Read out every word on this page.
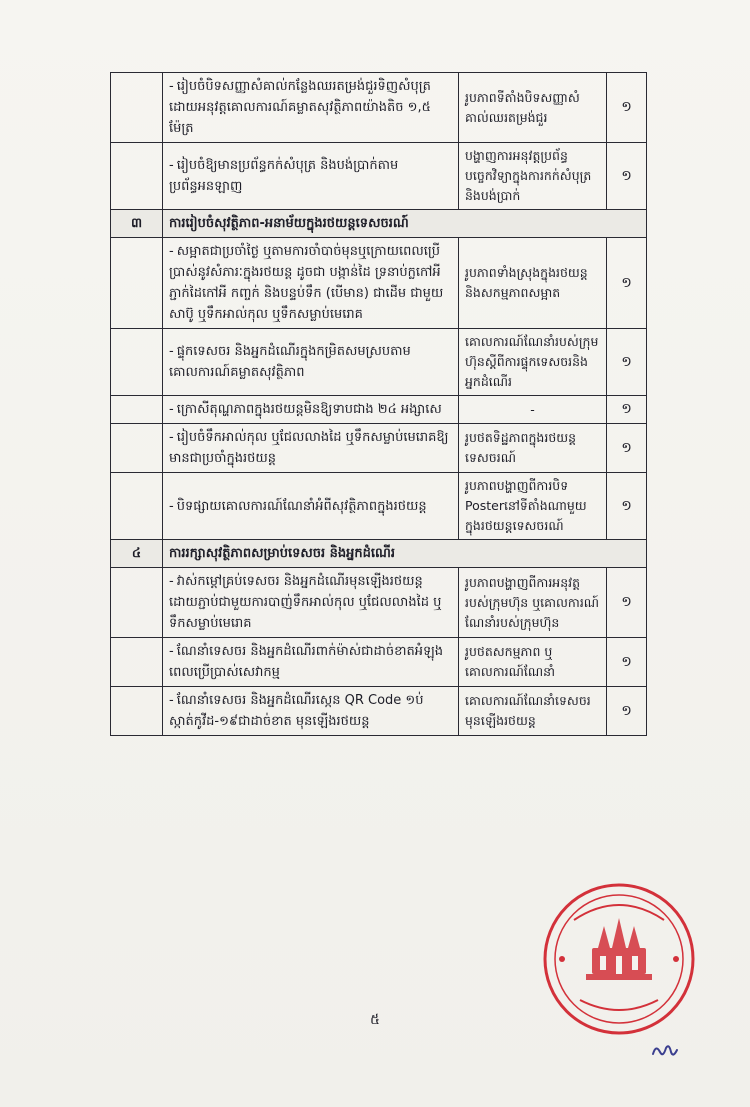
	- រៀបចំបិទសញ្ញាសំគាល់កន្លែងឈរតម្រង់ជួរទិញសំបុត្រ ដោយអនុវត្តគោលការណ៍គម្លាតសុវត្ថិភាពយ៉ាងតិច ១,៥ ម៉ែត្រ	រូបភាពទីតាំងបិទសញ្ញាសំគាល់ឈរតម្រង់ជួរ	១
	- រៀបចំឱ្យមានប្រព័ន្ធកក់សំបុត្រ និងបង់ប្រាក់តាមប្រព័ន្ធអនឡាញ	បង្ហាញការអនុវត្តប្រព័ន្ធបច្ចេកវិទ្យាក្នុងការកក់សំបុត្រ និងបង់ប្រាក់	១
៣	ការរៀបចំសុវត្ថិភាព-អនាម័យក្នុងរថយន្តទេសចរណ៍		
	- សម្អាតជាប្រចាំថ្ងៃ ឬតាមការចាំបាច់មុនឬក្រោយពេលប្រើប្រាស់នូវសំភារៈក្នុងរថយន្ត ដូចជា បង្កាន់ដៃ ទ្រនាប់ក្លកៅអី ភ្ជាក់ដៃកៅអី កញ្ចក់ និងបន្ទប់ទឹក (បើមាន) ជាដើម ជាមួយសាប៊ូ ឬទឹកអាល់កុល ឬទឹកសម្លាប់មេរោគ	រូបភាពទាំងស្រុងក្នុងរថយន្ត និងសកម្មភាពសម្អាត	១
	- ផ្ទុកទេសចរ និងអ្នកដំណើរក្នុងកម្រិតសមស្របតាមគោលការណ៍គម្លាតសុវត្ថិភាព	គោលការណ៍ណែនាំរបស់ក្រុមហ៊ុនស្ដីពីការផ្ទុកទេសចរនិងអ្នកដំណើរ	១
	- ក្រោសីតុណ្ហភាពក្នុងរថយន្តមិនឱ្យទាបជាង ២៤ អង្សាសេ	-	១
	- រៀបចំទឹកអាល់កុល ឬជែលលាងដៃ ឬទឹកសម្លាប់មេរោគឱ្យមានជាប្រចាំក្នុងរថយន្ត	រូបថតទិដ្ឋភាពក្នុងរថយន្តទេសចរណ៍	១
	- បិទផ្សាយគោលការណ៍ណែនាំអំពីសុវត្ថិភាពក្នុងរថយន្ត	រូបភាពបង្ហាញពីការបិទ Posterនៅទីតាំងណាមួយក្នុងរថយន្តទេសចរណ៍	១
៤	ការរក្សាសុវត្ថិភាពសម្រាប់ទេសចរ និងអ្នកដំណើរ		
	- វាស់កម្ដៅគ្រប់ទេសចរ និងអ្នកដំណើរមុនឡើងរថយន្ត ដោយភ្ជាប់ជាមួយការបាញ់ទឹកអាល់កុល ឬជែលលាងដៃ ឬទឹកសម្លាប់មេរោគ	រូបភាពបង្ហាញពីការអនុវត្តរបស់ក្រុមហ៊ុន ឬគោលការណ៍ណែនាំរបស់ក្រុមហ៊ុន	១
	- ណែនាំទេសចរ និងអ្នកដំណើរពាក់ម៉ាស់ជាដាច់ខាតអំឡុងពេលប្រើប្រាស់សេវាកម្ម	រូបថតសកម្មភាព ឬគោលការណ៍ណែនាំ	១
	- ណែនាំទេសចរ និងអ្នកដំណើរស្កេន QR Code ១ប់ស្កាត់កូវីដ-១៩ជាដាច់ខាត មុនឡើងរថយន្ត	គោលការណ៍ណែនាំទេសចរមុនឡើងរថយន្ត	១
៥
